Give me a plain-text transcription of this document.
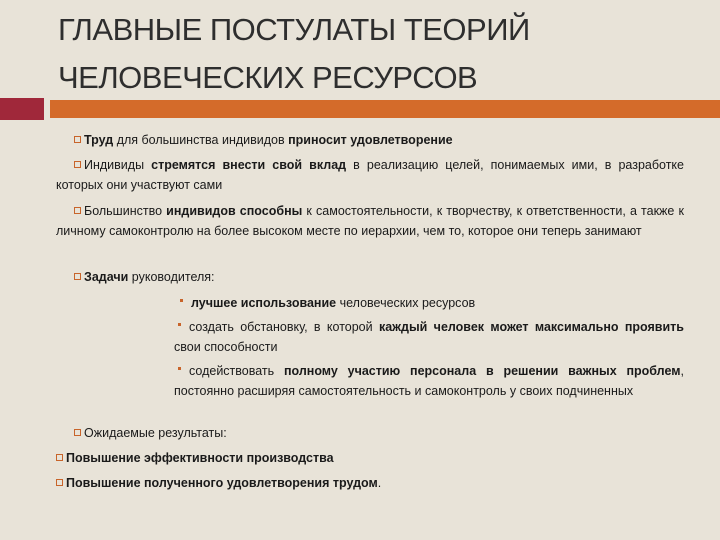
ГЛАВНЫЕ ПОСТУЛАТЫ ТЕОРИЙ
ЧЕЛОВЕЧЕСКИХ РЕСУРСОВ

Труд для большинства индивидов приносит удовлетворение

Индивиды стремятся внести свой вклад в реализацию целей, понимаемых ими, в разработке которых они участвуют сами

Большинство индивидов способны к самостоятельности, к творчеству, к ответственности, а также к личному самоконтролю на более высоком месте по иерархии, чем то, которое они теперь занимают

Задачи руководителя:

лучшее использование человеческих ресурсов

создать обстановку, в которой каждый человек может максимально проявить свои способности

содействовать полному участию персонала в решении важных проблем, постоянно расширяя самостоятельность и самоконтроль у своих подчиненных

Ожидаемые результаты:

Повышение эффективности производства

Повышение полученного удовлетворения трудом.
